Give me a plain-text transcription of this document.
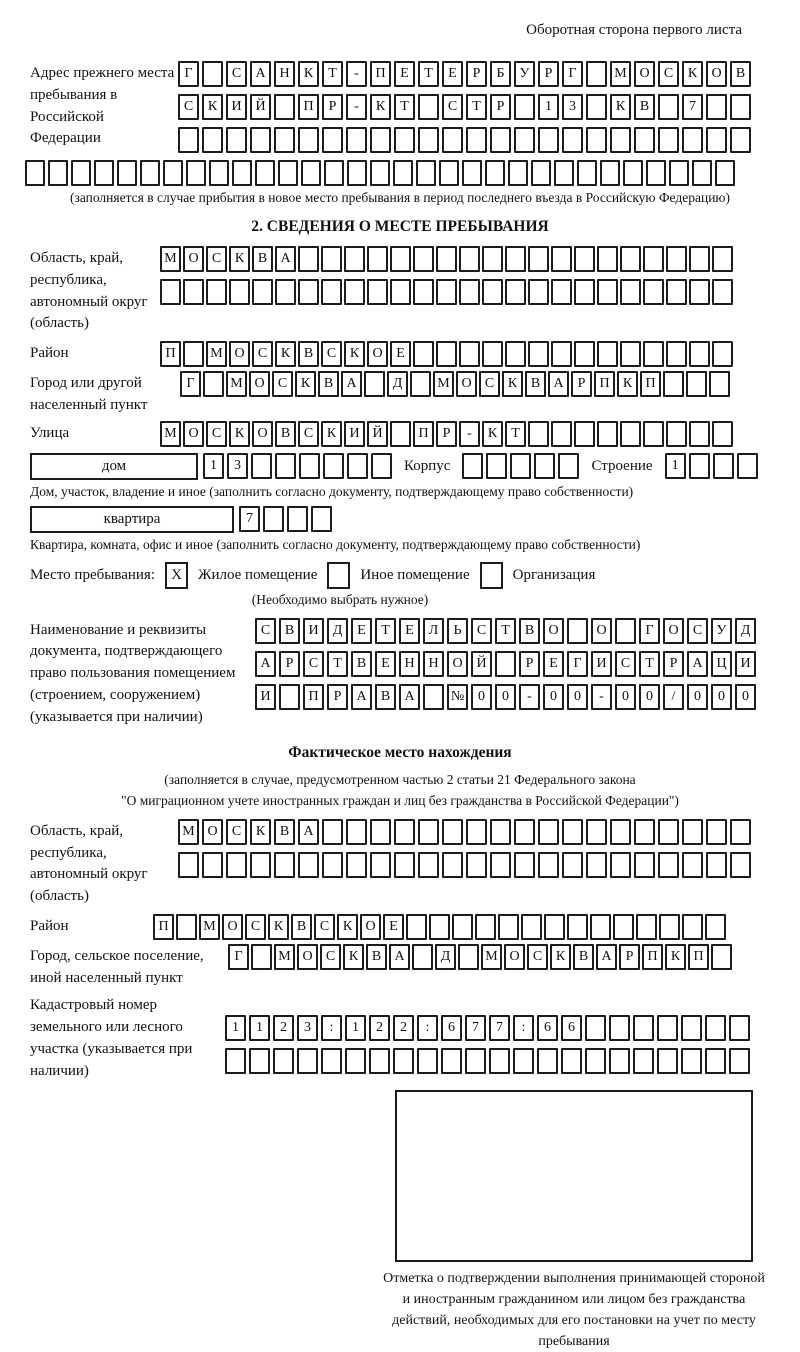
Оборотная сторона первого листа
Адрес прежнего места пребывания в Российской Федерации
Г	С	А Н	К	Т	-	П	Е	Т	Е	Р	Б	У	Р	Г	М О	С	К	О	В
С	К	И Й	П	Р	-	К	Т	С	Т	Р	1	3	К	В	7
(заполняется в случае прибытия в новое место пребывания в период последнего въезда в Российскую Федерацию)
2. СВЕДЕНИЯ О МЕСТЕ ПРЕБЫВАНИЯ
Область, край, республика, автономный округ (область)
М О С К В А
Район	П	М О С К В С К О Е
Город или другой населенный пункт
Г	М О С К В А	Д	М О С К В А	Р	П К П
Улица	М О С К О В С К И Й	П	Р	-	К	Т
дом	1	3	Корпус	Строение	1
Дом, участок, владение и иное (заполнить согласно документу, подтверждающему право собственности)
квартира	7
Квартира, комната, офис и иное (заполнить согласно документу, подтверждающему право собственности)
Место пребывания:	X	Жилое помещение	Иное помещение	Организация
(Необходимо выбрать нужное)
Наименование и реквизиты документа, подтверждающего право пользования помещением (строением, сооружением) (указывается при наличии)
С	В	И	Д	Е	Т	Е	Л	Ь	С	Т	В	О	О	Г	О	С	У	Д
А	Р	С	Т	В	Е	Н Н О Й	Р	Е	Г	И	С	Т	Р	А Ц И
И	П	Р	А	В	А	№ 0	0	-	0	0	-	0	0	/	0	0	0
Фактическое место нахождения
(заполняется в случае, предусмотренном частью 2 статьи 21 Федерального закона
"О миграционном учете иностранных граждан и лиц без гражданства в Российской Федерации")
Область, край, республика, автономный округ (область)
М О	С	К	В	А
Район	П	М О С К В С К О Е
Город, сельское поселение, иной населенный пункт
Г	М О С К В А	Д	М О С К В А	Р	П К П
Кадастровый номер земельного или лесного участка (указывается при наличии)
1	1	2	3	:	1	2	2	:	6	7	7	:	6	6
Отметка о подтверждении выполнения принимающей стороной и иностранным гражданином или лицом без гражданства действий, необходимых для его постановки на учет по месту пребывания
